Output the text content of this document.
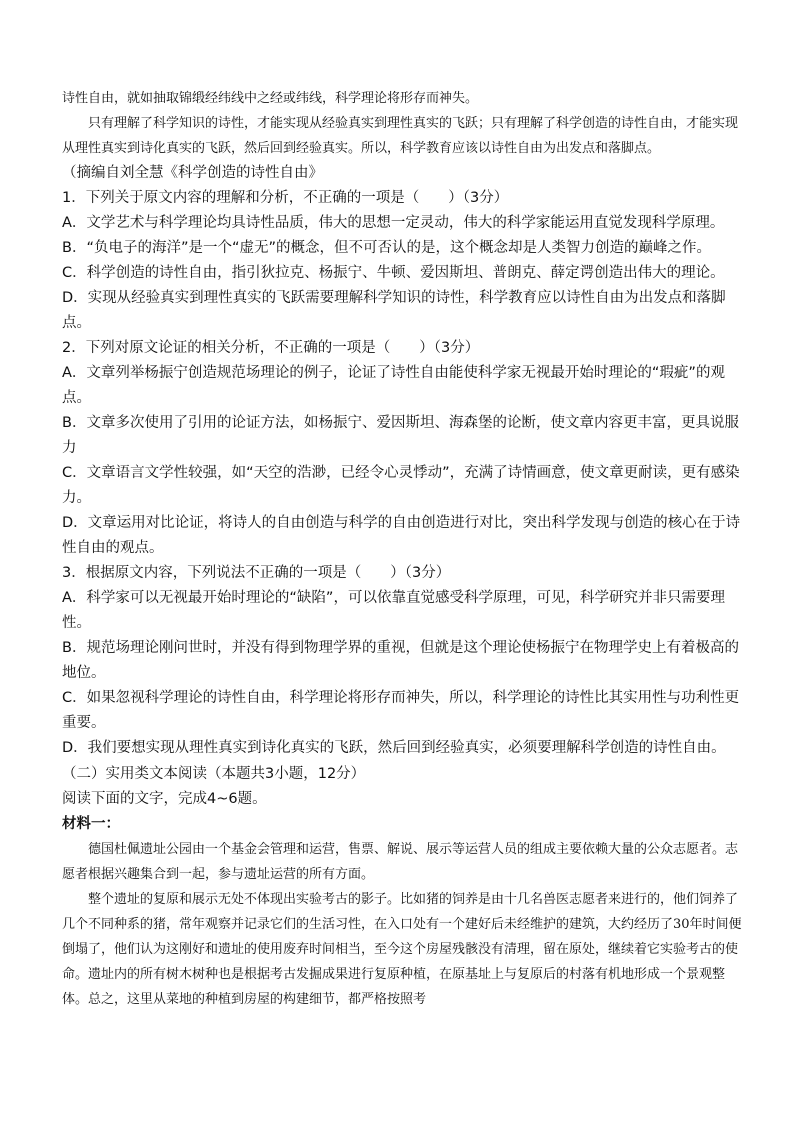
诗性自由，就如抽取锦缎经纬线中之经或纬线，科学理论将形存而神失。

只有理解了科学知识的诗性，才能实现从经验真实到理性真实的飞跃；只有理解了科学创造的诗性自由，才能实现从理性真实到诗化真实的飞跃，然后回到经验真实。所以，科学教育应该以诗性自由为出发点和落脚点。

（摘编自刘全慧《科学创造的诗性自由》

1．下列关于原文内容的理解和分析，不正确的一项是（　　）（3分）

A．文学艺术与科学理论均具诗性品质，伟大的思想一定灵动，伟大的科学家能运用直觉发现科学原理。

B．“负电子的海洋”是一个“虚无”的概念，但不可否认的是，这个概念却是人类智力创造的巅峰之作。

C．科学创造的诗性自由，指引狄拉克、杨振宁、牛顿、爱因斯坦、普朗克、薛定谔创造出伟大的理论。

D．实现从经验真实到理性真实的飞跃需要理解科学知识的诗性，科学教育应以诗性自由为出发点和落脚点。

2．下列对原文论证的相关分析，不正确的一项是（　　）（3分）

A．文章列举杨振宁创造规范场理论的例子，论证了诗性自由能使科学家无视最开始时理论的“瑕疵”的观点。

B．文章多次使用了引用的论证方法，如杨振宁、爱因斯坦、海森堡的论断，使文章内容更丰富，更具说服力

C．文章语言文学性较强，如“天空的浩渺，已经令心灵悸动”，充满了诗情画意，使文章更耐读，更有感染力。

D．文章运用对比论证，将诗人的自由创造与科学的自由创造进行对比，突出科学发现与创造的核心在于诗性自由的观点。

3．根据原文内容，下列说法不正确的一项是（　　）（3分）

A．科学家可以无视最开始时理论的“缺陷”，可以依靠直觉感受科学原理，可见，科学研究并非只需要理性。

B．规范场理论刚问世时，并没有得到物理学界的重视，但就是这个理论使杨振宁在物理学史上有着极高的地位。

C．如果忽视科学理论的诗性自由，科学理论将形存而神失，所以，科学理论的诗性比其实用性与功利性更重要。

D．我们要想实现从理性真实到诗化真实的飞跃，然后回到经验真实，必须要理解科学创造的诗性自由。

（二）实用类文本阅读（本题共3小题，12分）

阅读下面的文字，完成4~6题。

材料一：

德国杜佩遗址公园由一个基金会管理和运营，售票、解说、展示等运营人员的组成主要依赖大量的公众志愿者。志愿者根据兴趣集合到一起，参与遗址运营的所有方面。

整个遗址的复原和展示无处不体现出实验考古的影子。比如猪的饲养是由十几名兽医志愿者来进行的，他们饲养了几个不同种系的猪，常年观察并记录它们的生活习性，在入口处有一个建好后未经维护的建筑，大约经历了30年时间便倒塌了，他们认为这刚好和遗址的使用废弃时间相当，至今这个房屋残骸没有清理，留在原处，继续着它实验考古的使命。遗址内的所有树木树种也是根据考古发掘成果进行复原种植，在原基址上与复原后的村落有机地形成一个景观整体。总之，这里从菜地的种植到房屋的构建细节，都严格按照考
